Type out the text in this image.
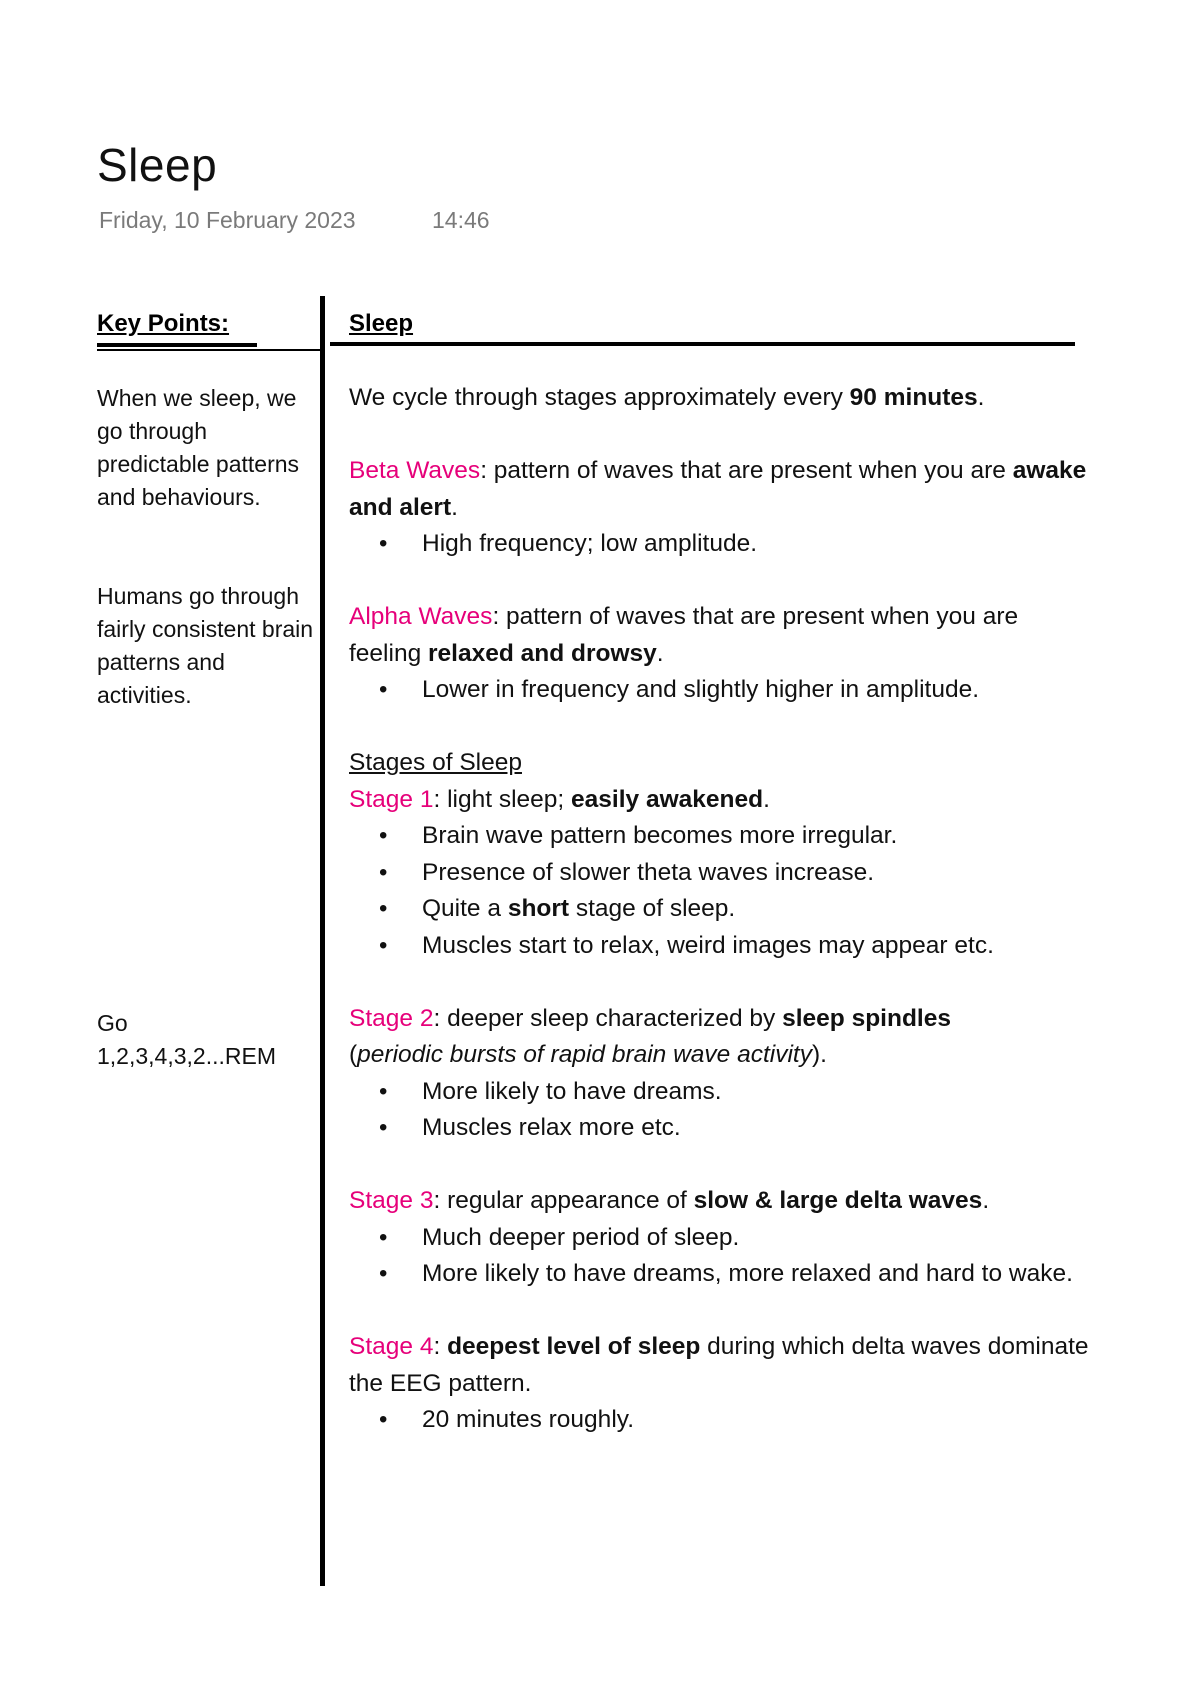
Sleep
Friday, 10 February 2023	14:46
Key Points:	Sleep
When we sleep, we go through predictable patterns and behaviours.
Humans go through fairly consistent brain patterns and activities.
Go
1,2,3,4,3,2...REM

We cycle through stages approximately every 90 minutes.

Beta Waves: pattern of waves that are present when you are awake and alert.

• High frequency; low amplitude.

Alpha Waves: pattern of waves that are present when you are feeling relaxed and drowsy.

• Lower in frequency and slightly higher in amplitude.

Stages of Sleep

Stage 1: light sleep; easily awakened.

• Brain wave pattern becomes more irregular.
• Presence of slower theta waves increase.
• Quite a short stage of sleep.
• Muscles start to relax, weird images may appear etc.

Stage 2: deeper sleep characterized by sleep spindles
(periodic bursts of rapid brain wave activity).

• More likely to have dreams.
• Muscles relax more etc.

Stage 3: regular appearance of slow & large delta waves.

• Much deeper period of sleep.
• More likely to have dreams, more relaxed and hard to wake.

Stage 4: deepest level of sleep during which delta waves dominate the EEG pattern.

• 20 minutes roughly.
